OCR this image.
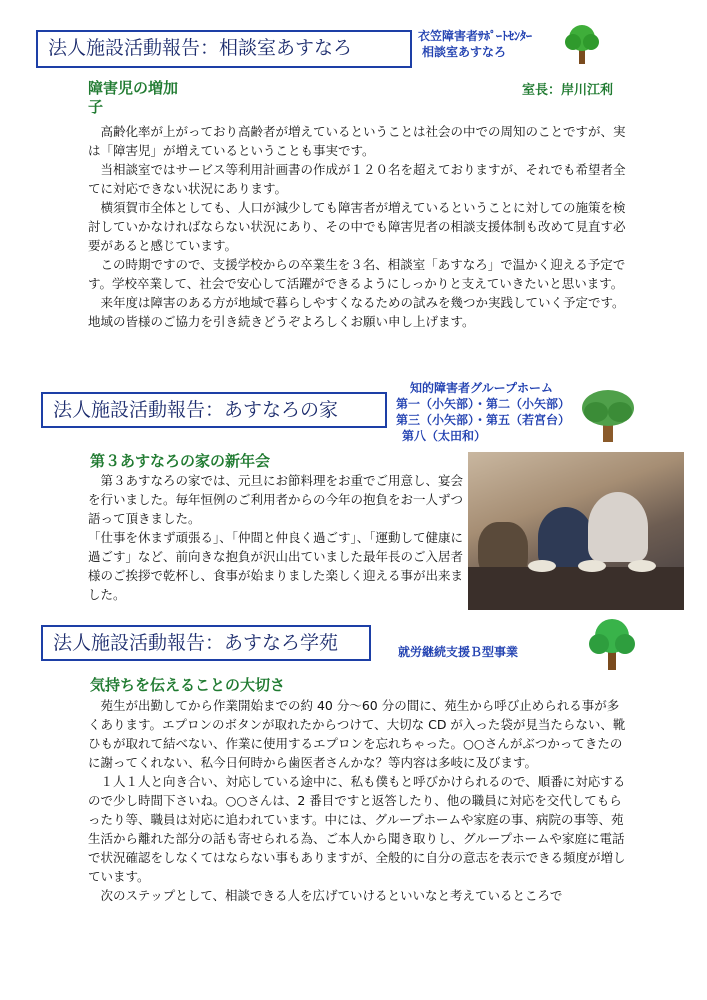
法人施設活動報告：相談室あすなろ
衣笠障害者ｻﾎﾟｰﾄｾﾝﾀｰ
相談室あすなろ
障害児の増加
子
室長：岸川江利

高齢化率が上がっており高齢者が増えているということは社会の中での周知のことですが、実は「障害児」が増えているということも事実です。

当相談室ではサービス等利用計画書の作成が１２０名を超えておりますが、それでも希望者全てに対応できない状況にあります。

横須賀市全体としても、人口が減少しても障害者が増えているということに対しての施策を検討していかなければならない状況にあり、その中でも障害児者の相談支援体制も改めて見直す必要があると感じています。

この時期ですので、支援学校からの卒業生を３名、相談室「あすなろ」で温かく迎える予定です。学校卒業して、社会で安心して活躍ができるようにしっかりと支えていきたいと思います。

来年度は障害のある方が地域で暮らしやすくなるための試みを幾つか実践していく予定です。地域の皆様のご協力を引き続きどうぞよろしくお願い申し上げます。

法人施設活動報告：あすなろの家
知的障害者グループホーム
第一（小矢部）・第二（小矢部）
第三（小矢部）・第五（若宮台）
第八（太田和）
第３あすなろの家の新年会

第３あすなろの家では、元旦にお節料理をお重でご用意し、宴会を行いました。毎年恒例のご利用者からの今年の抱負をお一人ずつ語って頂きました。

「仕事を休まず頑張る」、「仲間と仲良く過ごす」、「運動して健康に過ごす」など、前向きな抱負が沢山出ていました最年長のご入居者様のご挨拶で乾杯し、食事が始まりました楽しく迎える事が出来ました。

法人施設活動報告：あすなろ学苑	就労継続支援Ｂ型事業
気持ちを伝えることの大切さ

苑生が出勤してから作業開始までの約 40 分～60 分の間に、苑生から呼び止められる事が多くあります。エプロンのボタンが取れたからつけて、大切な CD が入った袋が見当たらない、靴ひもが取れて結べない、作業に使用するエプロンを忘れちゃった。○○さんがぶつかってきたのに謝ってくれない、私今日何時から歯医者さんかな？等内容は多岐に及びます。

１人１人と向き合い、対応している途中に、私も僕もと呼びかけられるので、順番に対応するので少し時間下さいね。○○さんは、2 番目ですと返答したり、他の職員に対応を交代してもらったり等、職員は対応に追われています。中には、グループホームや家庭の事、病院の事等、苑生活から離れた部分の話も寄せられる為、ご本人から聞き取りし、グループホームや家庭に電話で状況確認をしなくてはならない事もありますが、全般的に自分の意志を表示できる頻度が増しています。

次のステップとして、相談できる人を広げていけるといいなと考えているところで
